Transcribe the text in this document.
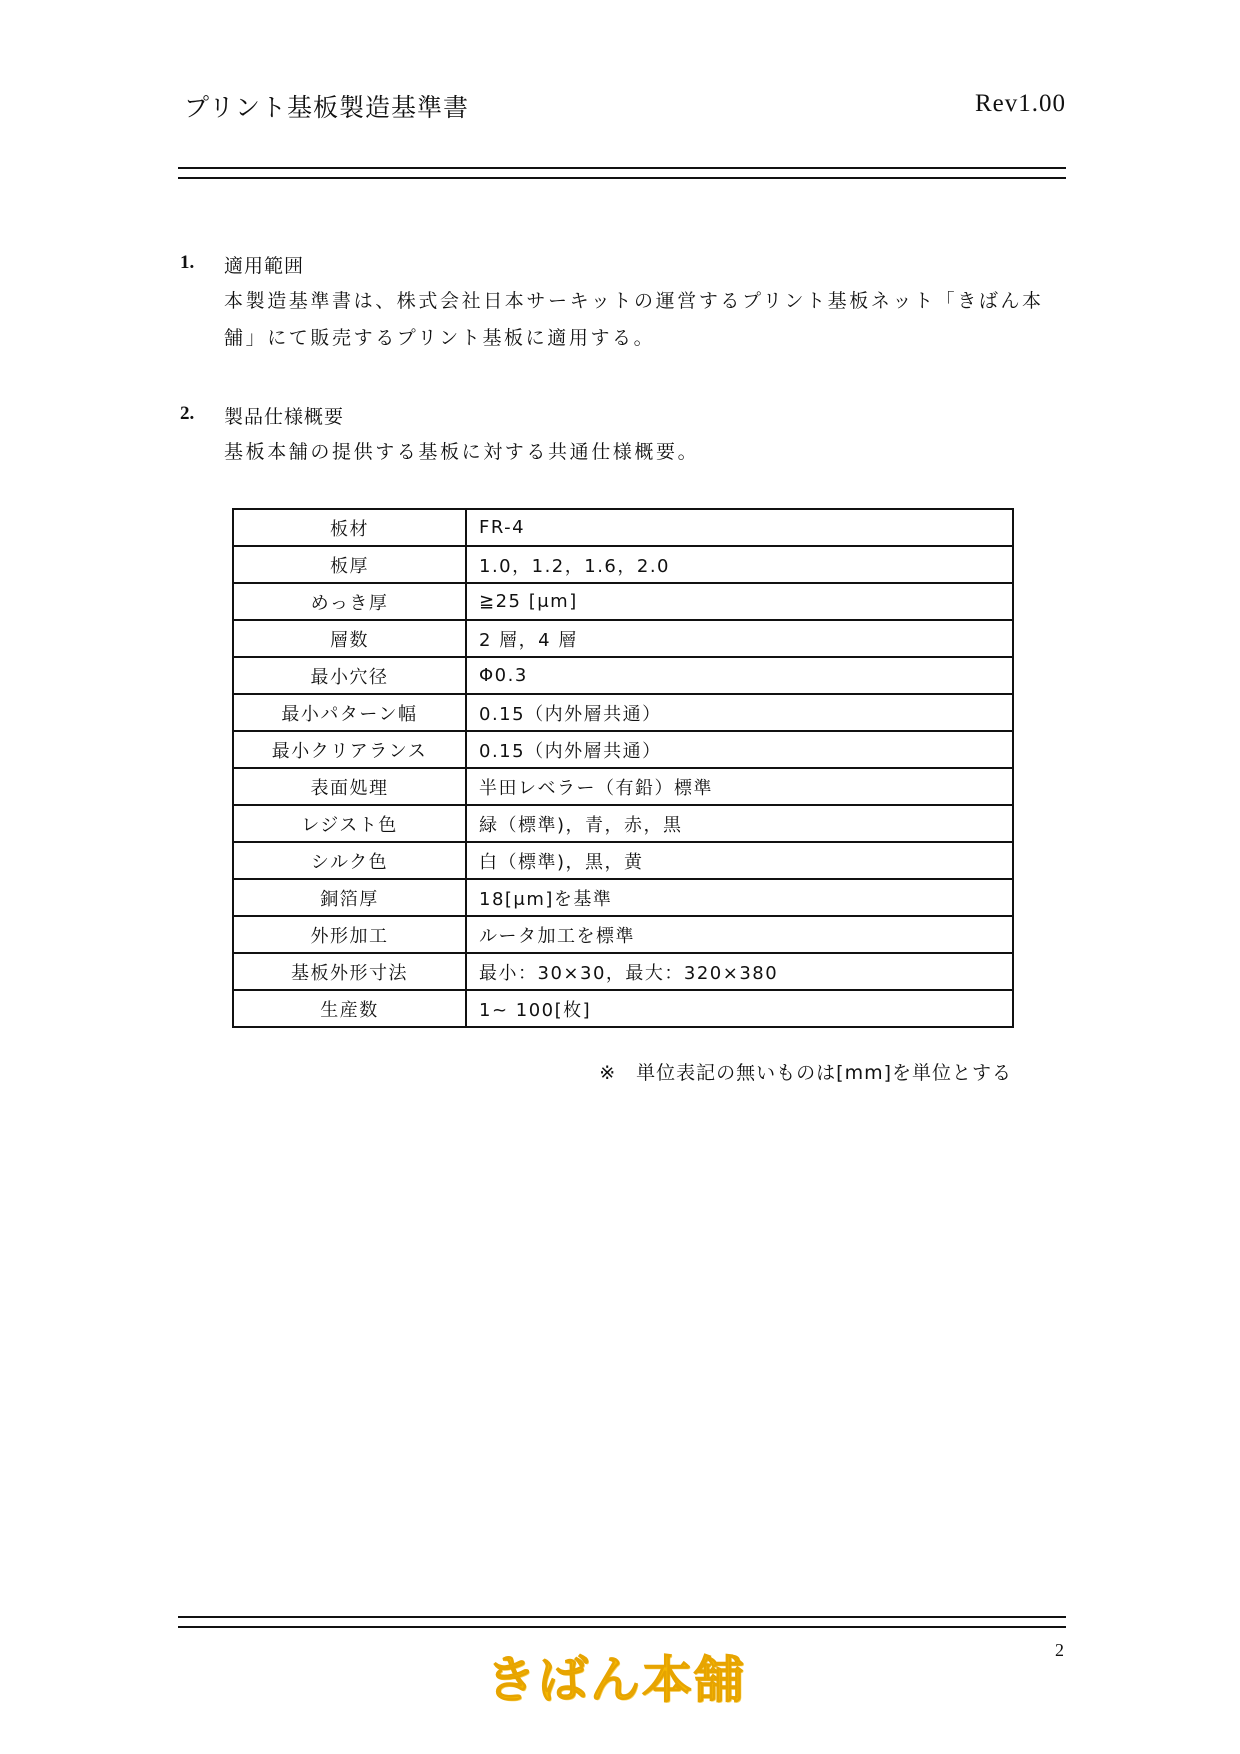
プリント基板製造基準書	Rev1.00
1. 適用範囲
本製造基準書は、株式会社日本サーキットの運営するプリント基板ネット「きばん本
舗」にて販売するプリント基板に適用する。
2. 製品仕様概要
基板本舗の提供する基板に対する共通仕様概要。
板材	FR-4
板厚	1.0，1.2，1.6，2.0
めっき厚	≧25 [μm]
層数	2 層，4 層
最小穴径	Φ0.3
最小パターン幅	0.15（内外層共通）
最小クリアランス	0.15（内外層共通）
表面処理	半田レベラー（有鉛）標準
レジスト色	緑（標準)，青，赤，黒
シルク色	白（標準)，黒，黄
銅箔厚	18[μm]を基準
外形加工	ルータ加工を標準
基板外形寸法	最小：30×30，最大：320×380
生産数	1~ 100[枚]
※　単位表記の無いものは[mm]を単位とする
2
きばん本舗
